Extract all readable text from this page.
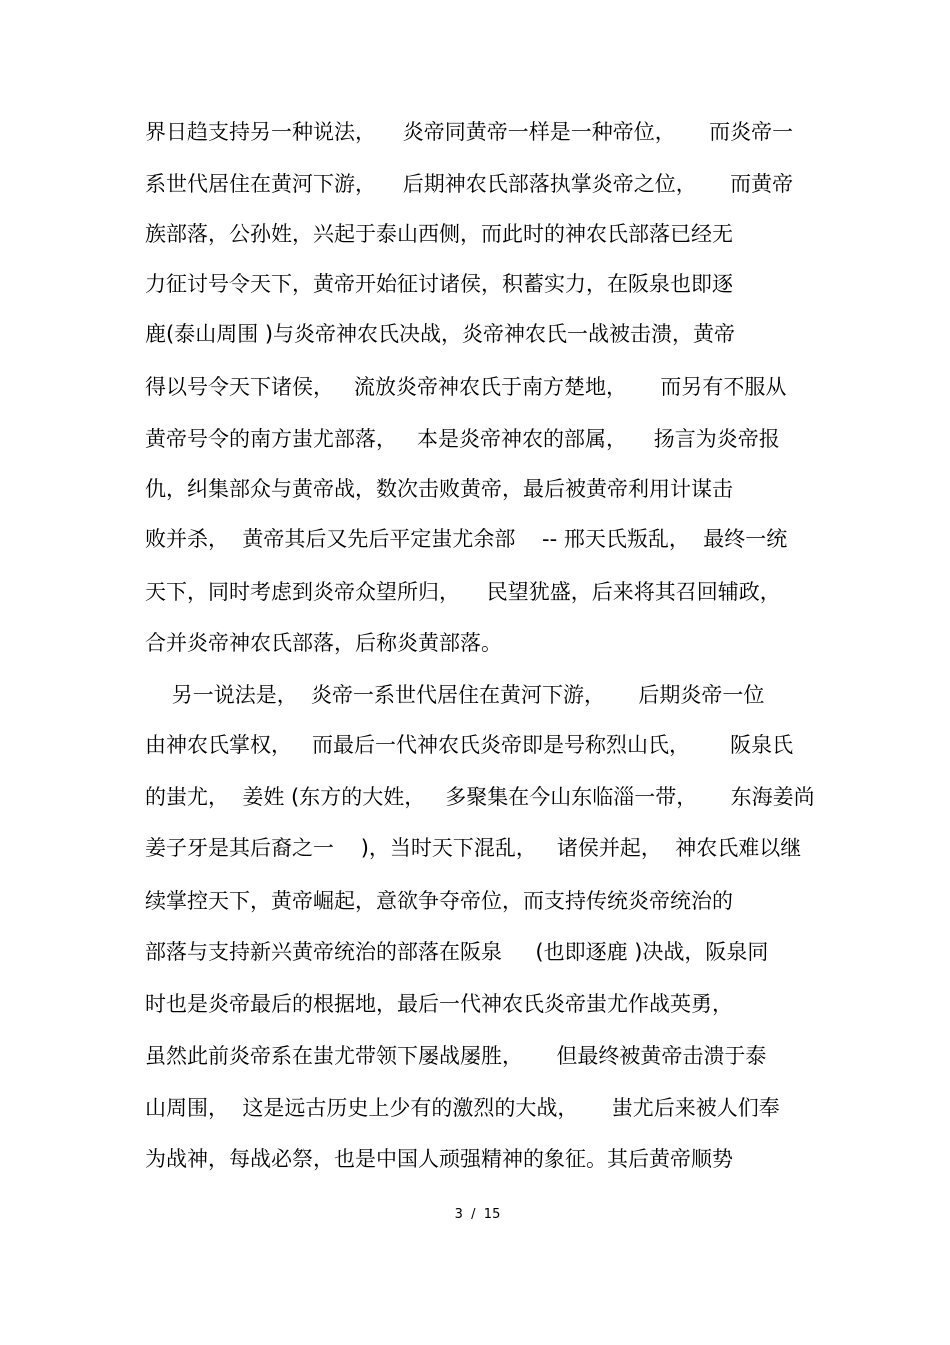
界日趋支持另一种说法，    炎帝同黄帝一样是一种帝位，     而炎帝一
系世代居住在黄河下游，    后期神农氏部落执掌炎帝之位，     而黄帝
族部落，公孙姓，兴起于泰山西侧，而此时的神农氏部落已经无
力征讨号令天下，黄帝开始征讨诸侯，积蓄实力，在阪泉也即逐
鹿(泰山周围 )与炎帝神农氏决战，炎帝神农氏一战被击溃，黄帝
得以号令天下诸侯，   流放炎帝神农氏于南方楚地，     而另有不服从
黄帝号令的南方蚩尤部落，   本是炎帝神农的部属，    扬言为炎帝报
仇，纠集部众与黄帝战，数次击败黄帝，最后被黄帝利用计谋击
败并杀，  黄帝其后又先后平定蚩尤余部    -- 邢天氏叛乱，  最终一统
天下，同时考虑到炎帝众望所归，    民望犹盛，后来将其召回辅政，
合并炎帝神农氏部落，后称炎黄部落。
另一说法是，  炎帝一系世代居住在黄河下游，     后期炎帝一位
由神农氏掌权，   而最后一代神农氏炎帝即是号称烈山氏，      阪泉氏
的蚩尤，  姜姓 (东方的大姓，   多聚集在今山东临淄一带，     东海姜尚
姜子牙是其后裔之一    )，当时天下混乱，   诸侯并起，  神农氏难以继
续掌控天下，黄帝崛起，意欲争夺帝位，而支持传统炎帝统治的
部落与支持新兴黄帝统治的部落在阪泉     (也即逐鹿 )决战，阪泉同
时也是炎帝最后的根据地，最后一代神农氏炎帝蚩尤作战英勇，
虽然此前炎帝系在蚩尤带领下屡战屡胜，     但最终被黄帝击溃于泰
山周围，  这是远古历史上少有的激烈的大战，     蚩尤后来被人们奉
为战神，每战必祭，也是中国人顽强精神的象征。其后黄帝顺势
3  /  15
